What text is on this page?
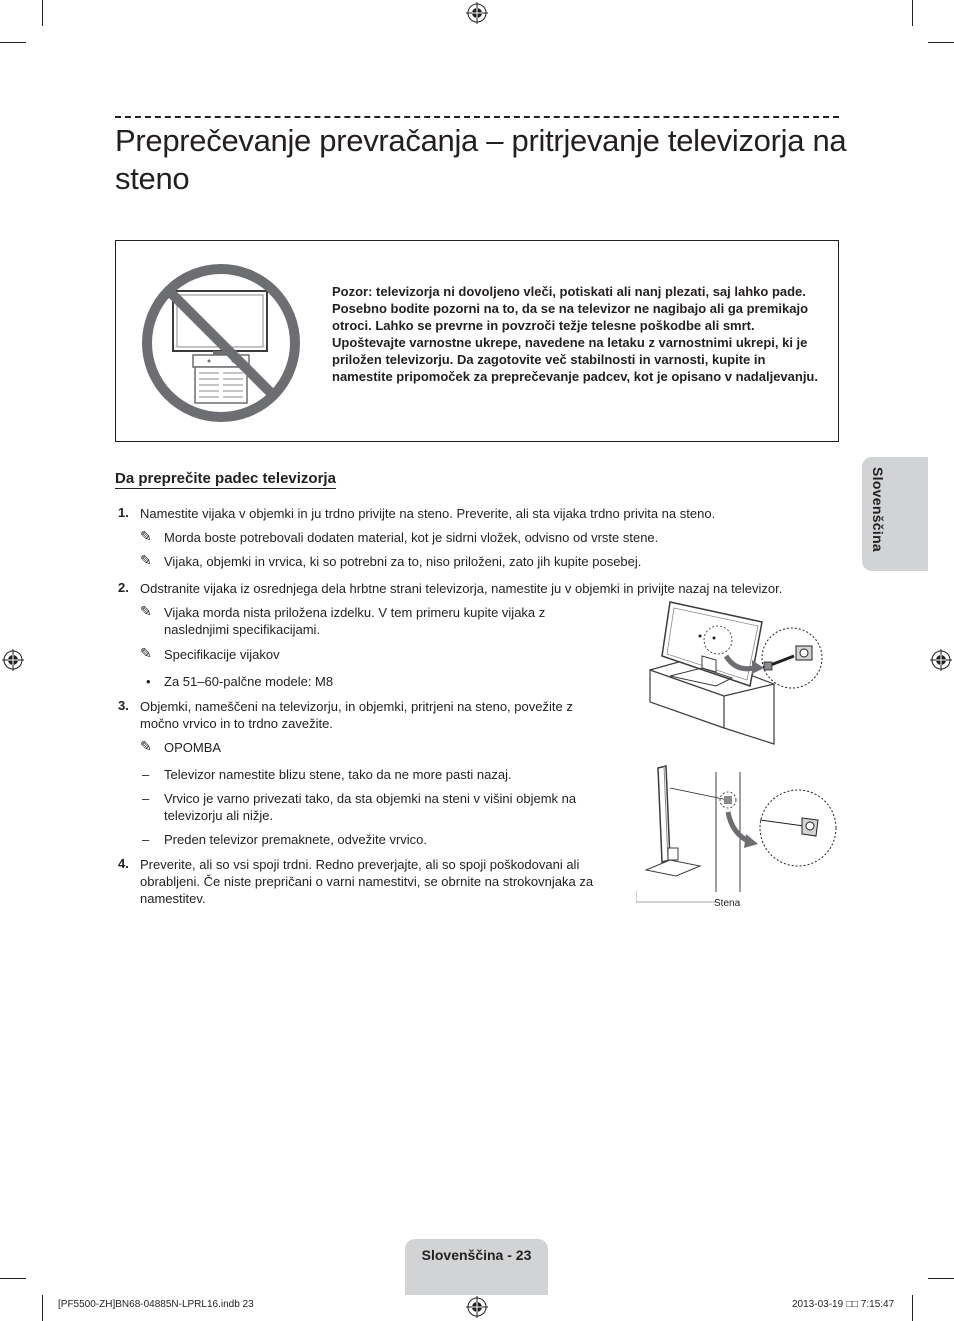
Preprečevanje prevračanja – pritrjevanje televizorja na steno
Pozor: televizorja ni dovoljeno vleči, potiskati ali nanj plezati, saj lahko pade. Posebno bodite pozorni na to, da se na televizor ne nagibajo ali ga premikajo otroci. Lahko se prevrne in povzroči težje telesne poškodbe ali smrt. Upoštevajte varnostne ukrepe, navedene na letaku z varnostnimi ukrepi, ki je priložen televizorju. Da zagotovite več stabilnosti in varnosti, kupite in namestite pripomoček za preprečevanje padcev, kot je opisano v nadaljevanju.
Da preprečite padec televizorja
1. Namestite vijaka v objemki in ju trdno privijte na steno. Preverite, ali sta vijaka trdno privita na steno.
✎ Morda boste potrebovali dodaten material, kot je sidrni vložek, odvisno od vrste stene.
✎ Vijaka, objemki in vrvica, ki so potrebni za to, niso priloženi, zato jih kupite posebej.
2. Odstranite vijaka iz osrednjega dela hrbtne strani televizorja, namestite ju v objemki in privijte nazaj na televizor.
✎ Vijaka morda nista priložena izdelku. V tem primeru kupite vijaka z naslednjimi specifikacijami.
✎ Specifikacije vijakov
• Za 51–60-palčne modele: M8
3. Objemki, nameščeni na televizorju, in objemki, pritrjeni na steno, povežite z močno vrvico in to trdno zavežite.
✎ OPOMBA
– Televizor namestite blizu stene, tako da ne more pasti nazaj.
– Vrvico je varno privezati tako, da sta objemki na steni v višini objemk na televizorju ali nižje.
– Preden televizor premaknete, odvežite vrvico.
4. Preverite, ali so vsi spoji trdni. Redno preverjajte, ali so spoji poškodovani ali obrabljeni. Če niste prepričani o varni namestitvi, se obrnite na strokovnjaka za namestitev.	Stena
Slovenščina
Slovenščina - 23
[PF5500-ZH]BN68-04885N-LPRL16.indb 23	2013-03-19 □□ 7:15:47
